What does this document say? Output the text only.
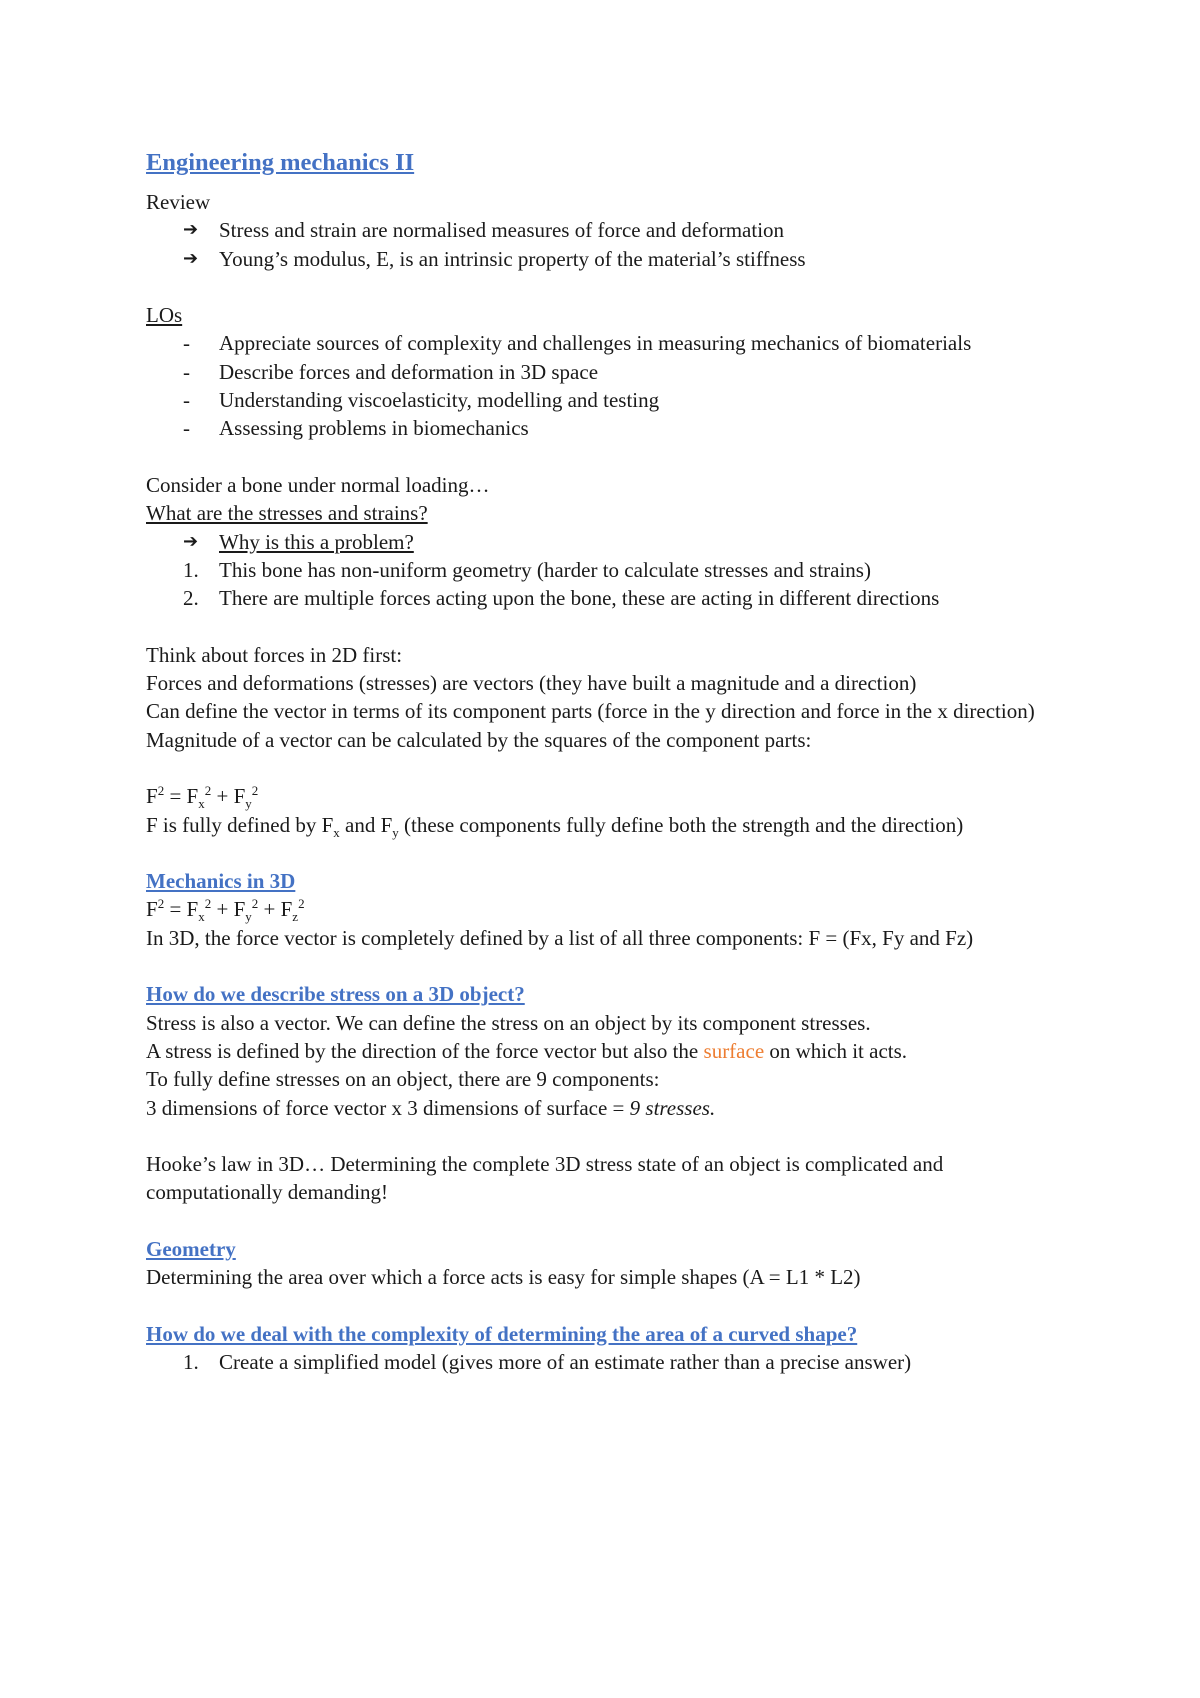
Engineering mechanics II
Review
➔ Stress and strain are normalised measures of force and deformation
➔ Young’s modulus, E, is an intrinsic property of the material’s stiffness
LOs
- Appreciate sources of complexity and challenges in measuring mechanics of biomaterials
- Describe forces and deformation in 3D space
- Understanding viscoelasticity, modelling and testing
- Assessing problems in biomechanics
Consider a bone under normal loading…
What are the stresses and strains?
➔ Why is this a problem?
1. This bone has non-uniform geometry (harder to calculate stresses and strains)
2. There are multiple forces acting upon the bone, these are acting in different directions
Think about forces in 2D first:
Forces and deformations (stresses) are vectors (they have built a magnitude and a direction)
Can define the vector in terms of its component parts (force in the y direction and force in the x direction)
Magnitude of a vector can be calculated by the squares of the component parts:
$F^2 = F_x^2 + F_y^2$
F is fully defined by $F_x$ and $F_y$ (these components fully define both the strength and the direction)
Mechanics in 3D
$F^2 = F_x^2 + F_y^2 + F_z^2$
In 3D, the force vector is completely defined by a list of all three components: F = (Fx, Fy and Fz)
How do we describe stress on a 3D object?
Stress is also a vector. We can define the stress on an object by its component stresses.
A stress is defined by the direction of the force vector but also the surface on which it acts.
To fully define stresses on an object, there are 9 components:
3 dimensions of force vector x 3 dimensions of surface = 9 stresses.
Hooke’s law in 3D… Determining the complete 3D stress state of an object is complicated and computationally demanding!
Geometry
Determining the area over which a force acts is easy for simple shapes (A = L1 * L2)
How do we deal with the complexity of determining the area of a curved shape?
1. Create a simplified model (gives more of an estimate rather than a precise answer)
